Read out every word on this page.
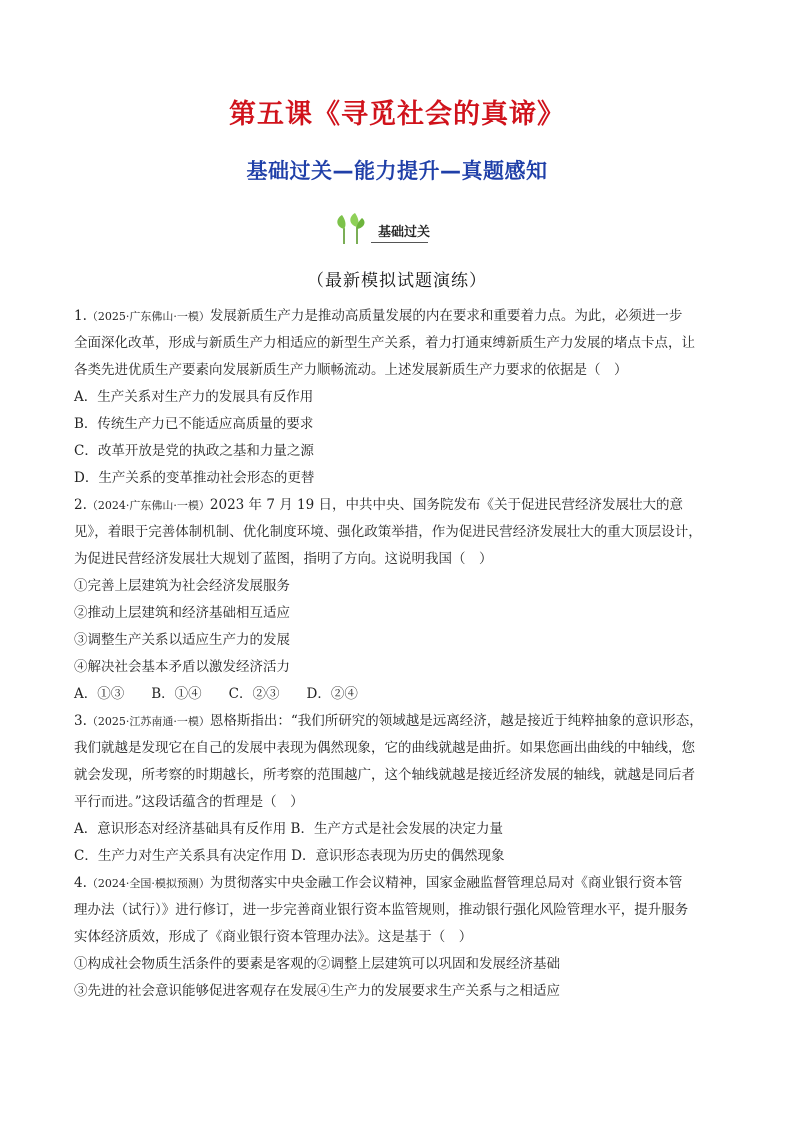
第五课《寻觅社会的真谛》
基础过关—能力提升—真题感知
基础过关
（最新模拟试题演练）
1.（2025·广东佛山·一模）发展新质生产力是推动高质量发展的内在要求和重要着力点。为此，必须进一步
全面深化改革，形成与新质生产力相适应的新型生产关系，着力打通束缚新质生产力发展的堵点卡点，让
各类先进优质生产要素向发展新质生产力顺畅流动。上述发展新质生产力要求的依据是（　）
A．生产关系对生产力的发展具有反作用
B．传统生产力已不能适应高质量的要求
C．改革开放是党的执政之基和力量之源
D．生产关系的变革推动社会形态的更替
2.（2024·广东佛山·一模）2023 年 7 月 19 日，中共中央、国务院发布《关于促进民营经济发展壮大的意
见》，着眼于完善体制机制、优化制度环境、强化政策举措，作为促进民营经济发展壮大的重大顶层设计，
为促进民营经济发展壮大规划了蓝图，指明了方向。这说明我国（　）
①完善上层建筑为社会经济发展服务
②推动上层建筑和经济基础相互适应
③调整生产关系以适应生产力的发展
④解决社会基本矛盾以激发经济活力
A．①③　　B．①④　　C．②③　　D．②④
3.（2025·江苏南通·一模）恩格斯指出：“我们所研究的领域越是远离经济，越是接近于纯粹抽象的意识形态，
我们就越是发现它在自己的发展中表现为偶然现象，它的曲线就越是曲折。如果您画出曲线的中轴线，您
就会发现，所考察的时期越长，所考察的范围越广，这个轴线就越是接近经济发展的轴线，就越是同后者
平行而进。”这段话蕴含的哲理是（　）
A．意识形态对经济基础具有反作用 B．生产方式是社会发展的决定力量
C．生产力对生产关系具有决定作用 D．意识形态表现为历史的偶然现象
4.（2024·全国·模拟预测）为贯彻落实中央金融工作会议精神，国家金融监督管理总局对《商业银行资本管
理办法（试行）》进行修订，进一步完善商业银行资本监管规则，推动银行强化风险管理水平，提升服务
实体经济质效，形成了《商业银行资本管理办法》。这是基于（　）
①构成社会物质生活条件的要素是客观的②调整上层建筑可以巩固和发展经济基础
③先进的社会意识能够促进客观存在发展④生产力的发展要求生产关系与之相适应
